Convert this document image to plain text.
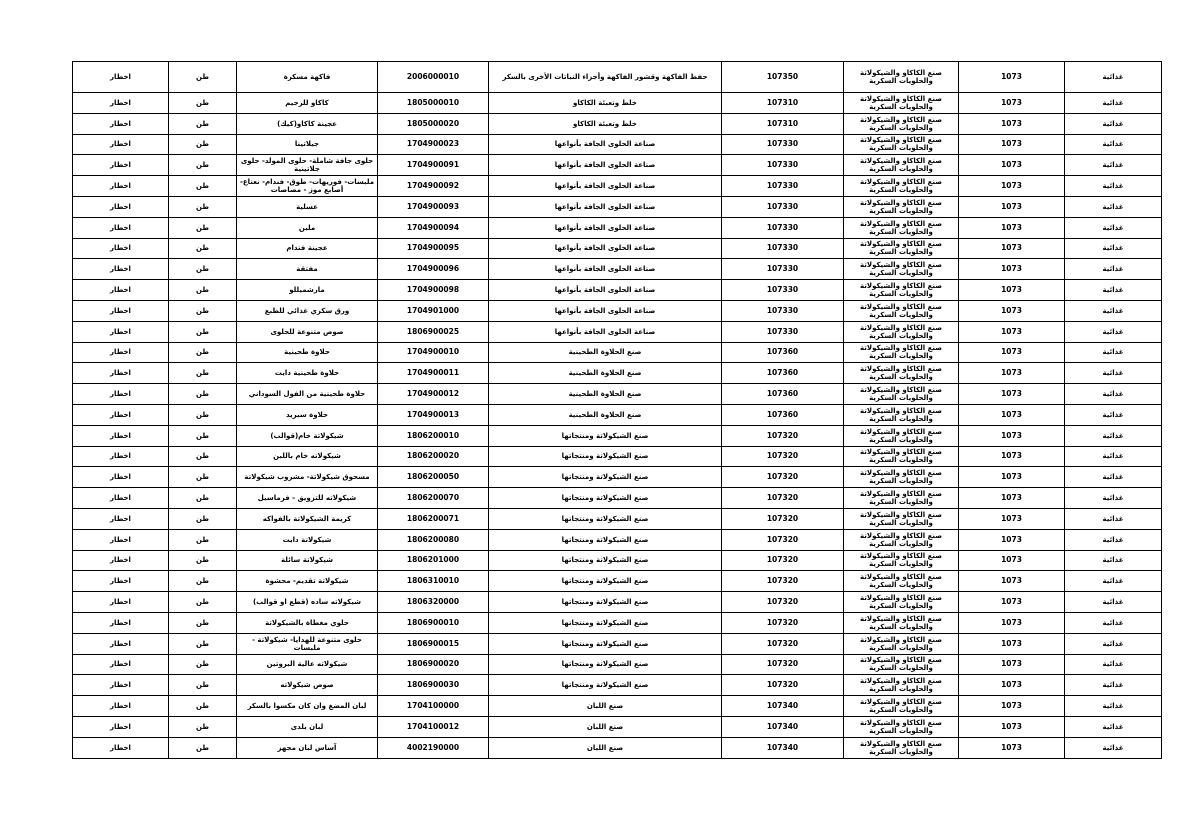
اخطار	طن	فاكهة مسكرة	2006000010	حفظ الفاكهة وقشور الفاكهة وأجزاء النباتات الأخرى بالسكر	107350	صنع الكاكاو والشيكولاتة والحلويات السكرية	1073	غذائية
اخطار	طن	كاكاو للرجيم	1805000010	خلط وتعبئة الكاكاو	107310	صنع الكاكاو والشيكولاتة والحلويات السكرية	1073	غذائية
اخطار	طن	عجينة كاكاو(كيك)	1805000020	خلط وتعبئة الكاكاو	107310	صنع الكاكاو والشيكولاتة والحلويات السكرية	1073	غذائية
اخطار	طن	جيلاتينا	1704900023	صناعة الحلوى الجافة بأنواعها	107330	صنع الكاكاو والشيكولاتة والحلويات السكرية	1073	غذائية
اخطار	طن	حلوى جافة شاملة- حلوى المولد- حلوى جلاتينية	1704900091	صناعة الحلوى الجافة بأنواعها	107330	صنع الكاكاو والشيكولاتة والحلويات السكرية	1073	غذائية
اخطار	طن	ملبسات- فوريهات- طوق- فندام- نعناع- أصابع موز - مصاصات	1704900092	صناعة الحلوى الجافة بأنواعها	107330	صنع الكاكاو والشيكولاتة والحلويات السكرية	1073	غذائية
اخطار	طن	عسلية	1704900093	صناعة الحلوى الجافة بأنواعها	107330	صنع الكاكاو والشيكولاتة والحلويات السكرية	1073	غذائية
اخطار	طن	ملبن	1704900094	صناعة الحلوى الجافة بأنواعها	107330	صنع الكاكاو والشيكولاتة والحلويات السكرية	1073	غذائية
اخطار	طن	عجينة فندام	1704900095	صناعة الحلوى الجافة بأنواعها	107330	صنع الكاكاو والشيكولاتة والحلويات السكرية	1073	غذائية
اخطار	طن	مفتقة	1704900096	صناعة الحلوى الجافة بأنواعها	107330	صنع الكاكاو والشيكولاتة والحلويات السكرية	1073	غذائية
اخطار	طن	مارشميللو	1704900098	صناعة الحلوى الجافة بأنواعها	107330	صنع الكاكاو والشيكولاتة والحلويات السكرية	1073	غذائية
اخطار	طن	ورق سكري غذائي للطبع	1704901000	صناعة الحلوى الجافة بأنواعها	107330	صنع الكاكاو والشيكولاتة والحلويات السكرية	1073	غذائية
اخطار	طن	صوص متنوعة للحلوى	1806900025	صناعة الحلوى الجافة بأنواعها	107330	صنع الكاكاو والشيكولاتة والحلويات السكرية	1073	غذائية
اخطار	طن	حلاوة طحينية	1704900010	صنع الحلاوة الطحينية	107360	صنع الكاكاو والشيكولاتة والحلويات السكرية	1073	غذائية
اخطار	طن	حلاوة طحينية دايت	1704900011	صنع الحلاوة الطحينية	107360	صنع الكاكاو والشيكولاتة والحلويات السكرية	1073	غذائية
اخطار	طن	حلاوة طحينية من الفول السوداني	1704900012	صنع الحلاوة الطحينية	107360	صنع الكاكاو والشيكولاتة والحلويات السكرية	1073	غذائية
اخطار	طن	حلاوة سبريد	1704900013	صنع الحلاوة الطحينية	107360	صنع الكاكاو والشيكولاتة والحلويات السكرية	1073	غذائية
اخطار	طن	شيكولاتة خام(قوالب)	1806200010	صنع الشيكولاتة ومنتجاتها	107320	صنع الكاكاو والشيكولاتة والحلويات السكرية	1073	غذائية
اخطار	طن	شيكولاته خام باللبن	1806200020	صنع الشيكولاتة ومنتجاتها	107320	صنع الكاكاو والشيكولاتة والحلويات السكرية	1073	غذائية
اخطار	طن	مسحوق شيكولاتة- مشروب شيكولاتة	1806200050	صنع الشيكولاتة ومنتجاتها	107320	صنع الكاكاو والشيكولاتة والحلويات السكرية	1073	غذائية
اخطار	طن	شيكولاته للتزويق - فرماسيل	1806200070	صنع الشيكولاتة ومنتجاتها	107320	صنع الكاكاو والشيكولاتة والحلويات السكرية	1073	غذائية
اخطار	طن	كريمة الشيكولاتة بالفواكه	1806200071	صنع الشيكولاتة ومنتجاتها	107320	صنع الكاكاو والشيكولاتة والحلويات السكرية	1073	غذائية
اخطار	طن	شيكولاتة دايت	1806200080	صنع الشيكولاتة ومنتجاتها	107320	صنع الكاكاو والشيكولاتة والحلويات السكرية	1073	غذائية
اخطار	طن	شيكولاتة سائلة	1806201000	صنع الشيكولاتة ومنتجاتها	107320	صنع الكاكاو والشيكولاتة والحلويات السكرية	1073	غذائية
اخطار	طن	شيكولاتة تقديم- محشوة	1806310010	صنع الشيكولاتة ومنتجاتها	107320	صنع الكاكاو والشيكولاتة والحلويات السكرية	1073	غذائية
اخطار	طن	شيكولاته ساده (قطع او قوالب)	1806320000	صنع الشيكولاتة ومنتجاتها	107320	صنع الكاكاو والشيكولاتة والحلويات السكرية	1073	غذائية
اخطار	طن	حلوي مغطاة بالشيكولاتة	1806900010	صنع الشيكولاتة ومنتجاتها	107320	صنع الكاكاو والشيكولاتة والحلويات السكرية	1073	غذائية
اخطار	طن	حلوى متنوعة للهدايا- شيكولاتة - ملبسات	1806900015	صنع الشيكولاتة ومنتجاتها	107320	صنع الكاكاو والشيكولاتة والحلويات السكرية	1073	غذائية
اخطار	طن	شيكولاته عالية البروتين	1806900020	صنع الشيكولاتة ومنتجاتها	107320	صنع الكاكاو والشيكولاتة والحلويات السكرية	1073	غذائية
اخطار	طن	صوص شيكولاته	1806900030	صنع الشيكولاتة ومنتجاتها	107320	صنع الكاكاو والشيكولاتة والحلويات السكرية	1073	غذائية
اخطار	طن	لبان المضغ وان كان مكسوا بالسكر	1704100000	صنع اللبان	107340	صنع الكاكاو والشيكولاتة والحلويات السكرية	1073	غذائية
اخطار	طن	لبان بلدى	1704100012	صنع اللبان	107340	صنع الكاكاو والشيكولاتة والحلويات السكرية	1073	غذائية
اخطار	طن	آساس لبان مجهز	4002190000	صنع اللبان	107340	صنع الكاكاو والشيكولاتة والحلويات السكرية	1073	غذائية
